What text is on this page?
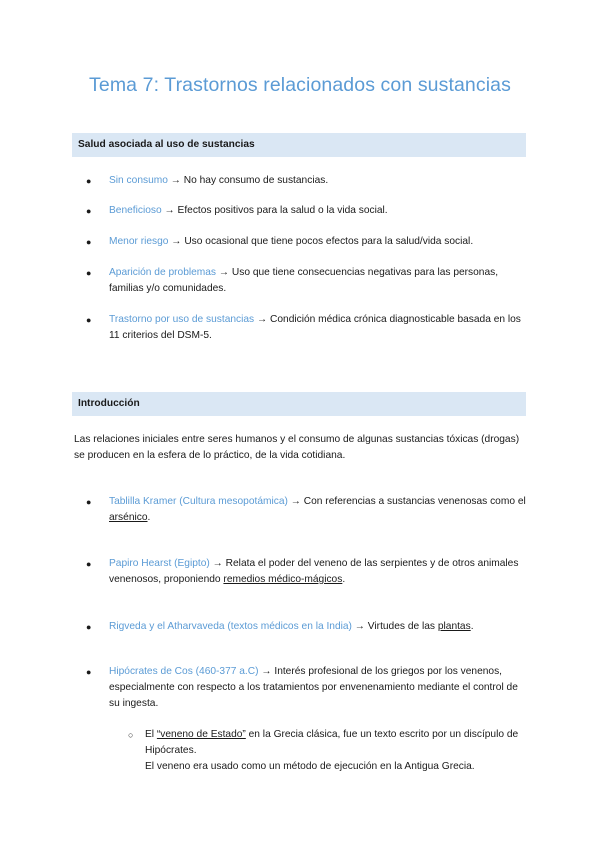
Tema 7: Trastornos relacionados con sustancias
Salud asociada al uso de sustancias
● Sin consumo → No hay consumo de sustancias.
● Beneficioso → Efectos positivos para la salud o la vida social.
● Menor riesgo → Uso ocasional que tiene pocos efectos para la salud/vida social.
● Aparición de problemas → Uso que tiene consecuencias negativas para las personas, familias y/o comunidades.
● Trastorno por uso de sustancias → Condición médica crónica diagnosticable basada en los 11 criterios del DSM-5.
Introducción
Las relaciones iniciales entre seres humanos y el consumo de algunas sustancias tóxicas (drogas) se producen en la esfera de lo práctico, de la vida cotidiana.
● Tablilla Kramer (Cultura mesopotámica) → Con referencias a sustancias venenosas como el arsénico.
● Papiro Hearst (Egipto) → Relata el poder del veneno de las serpientes y de otros animales venenosos, proponiendo remedios médico-mágicos.
● Rigveda y el Atharvaveda (textos médicos en la India) → Virtudes de las plantas.
● Hipócrates de Cos (460-377 a.C) → Interés profesional de los griegos por los venenos, especialmente con respecto a los tratamientos por envenenamiento mediante el control de su ingesta.
○ El “veneno de Estado” en la Grecia clásica, fue un texto escrito por un discípulo de Hipócrates.
El veneno era usado como un método de ejecución en la Antigua Grecia.
